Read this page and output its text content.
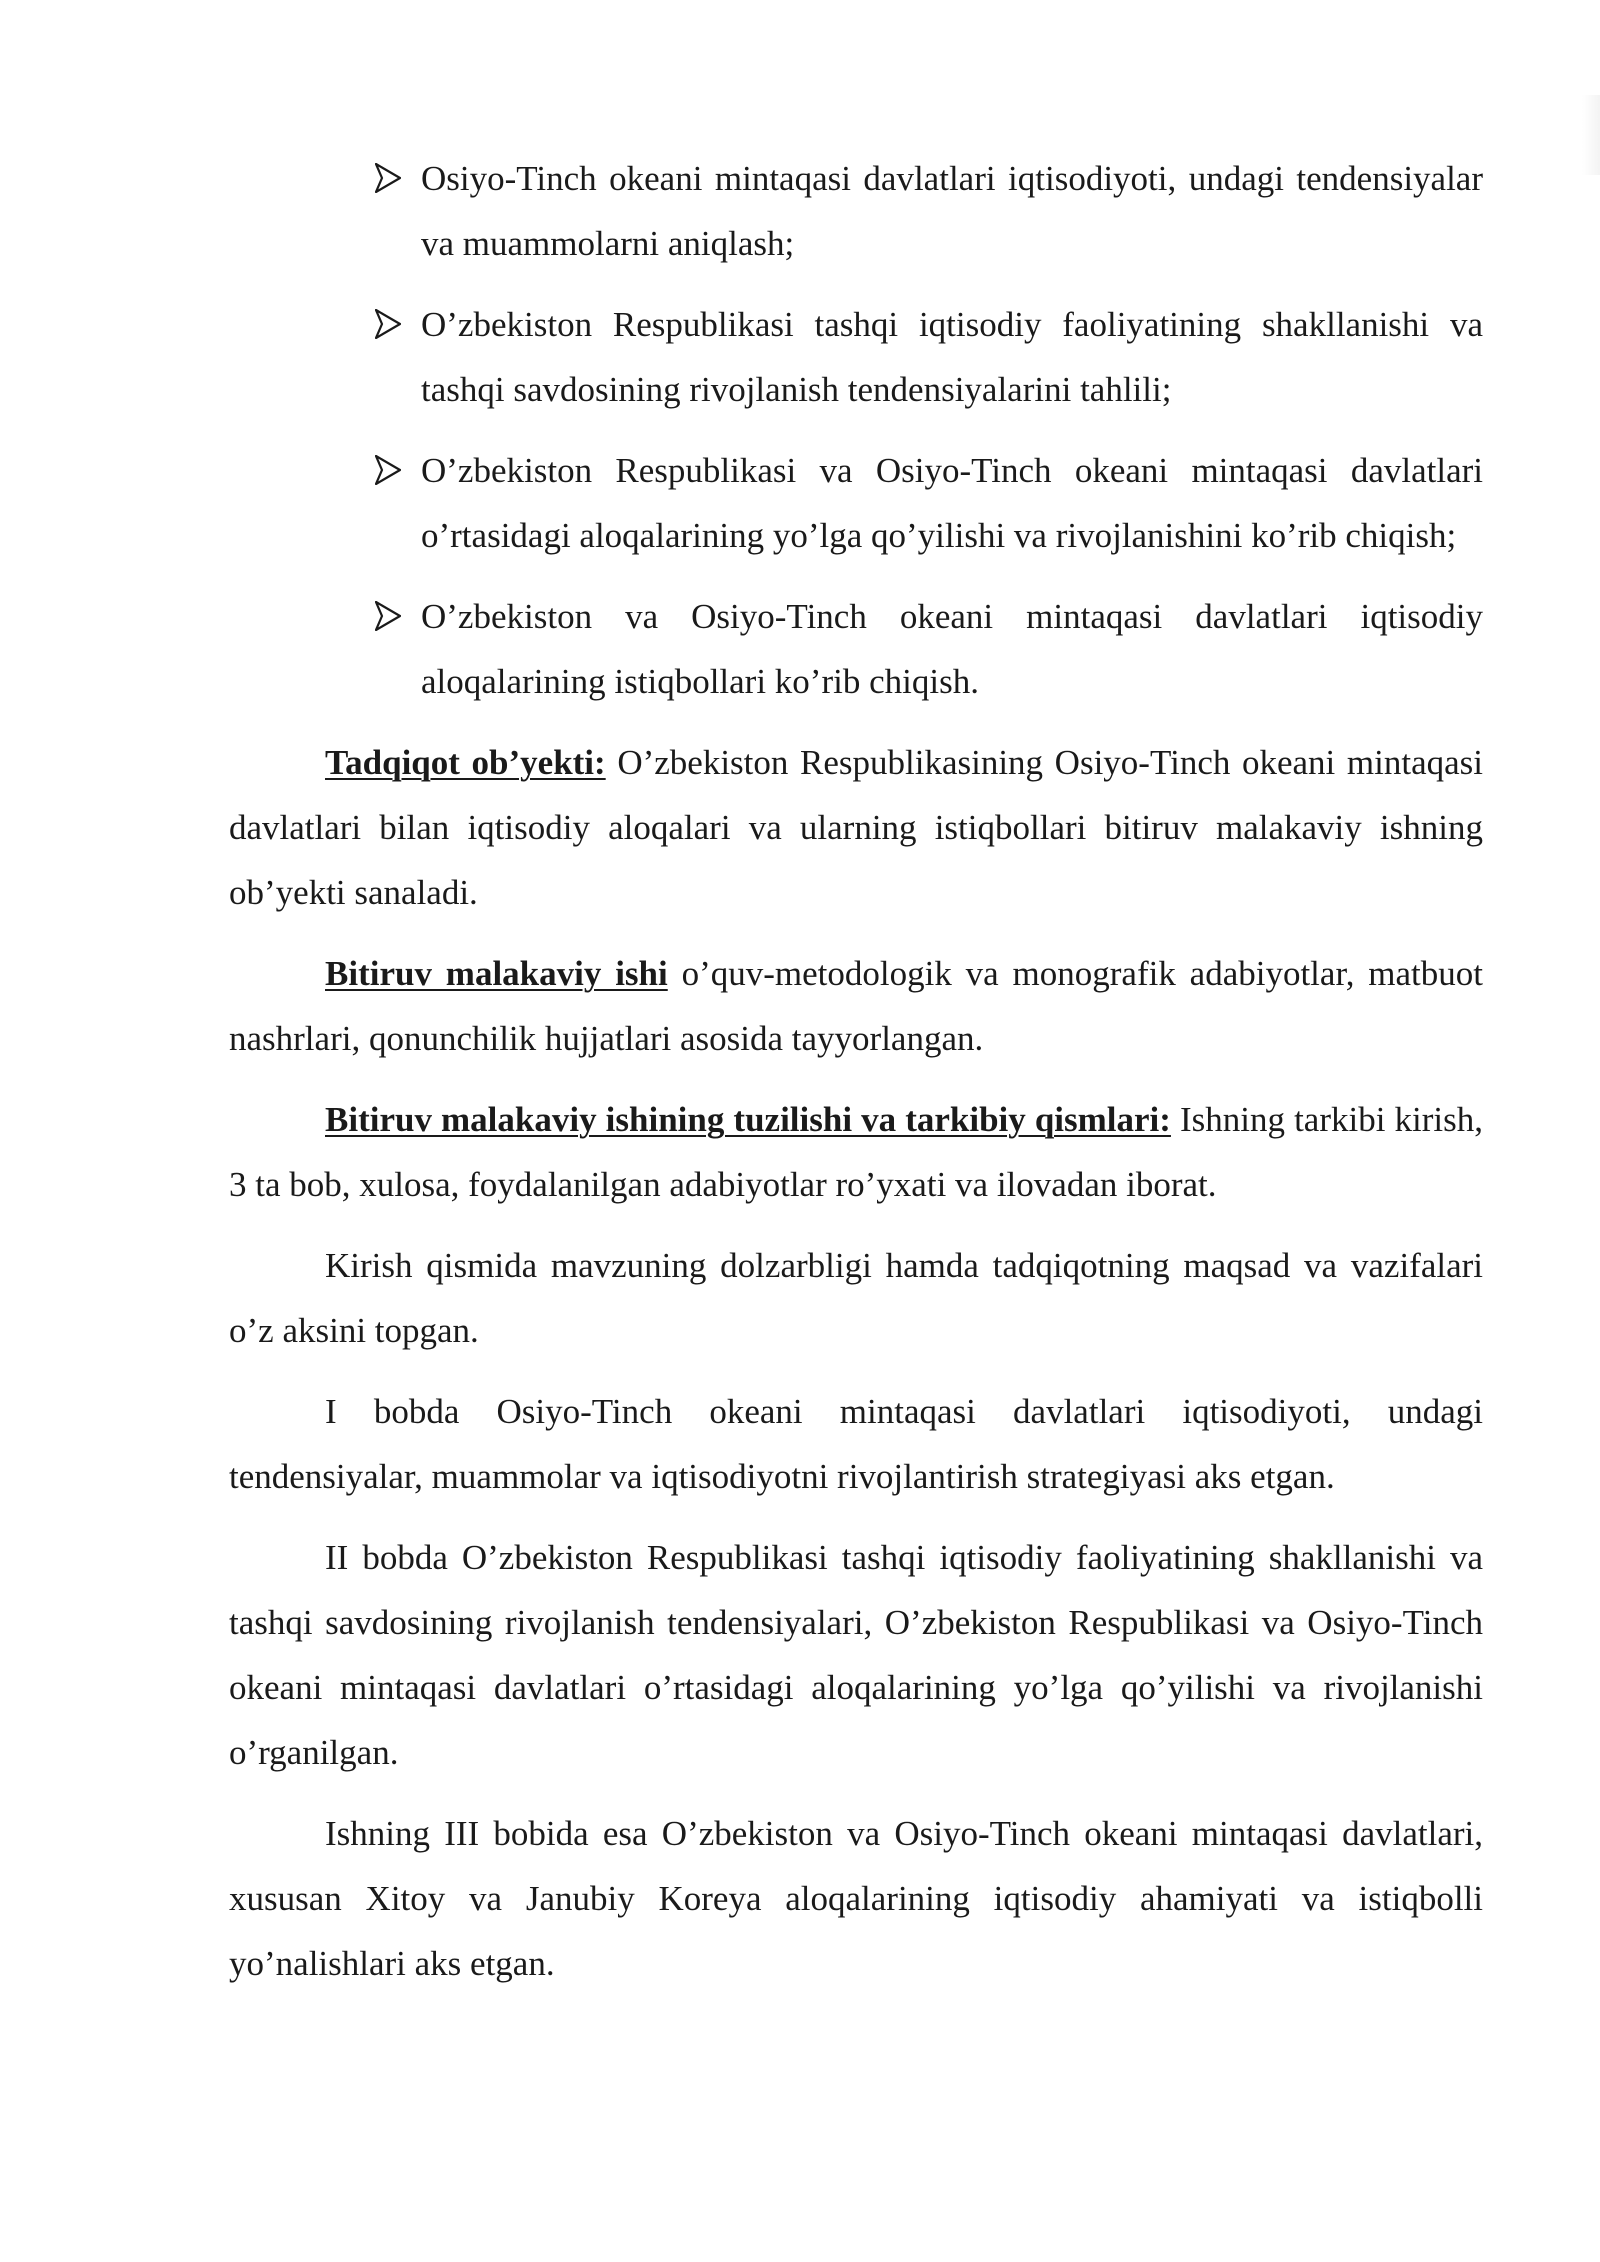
Osiyo-Tinch okeani mintaqasi davlatlari iqtisodiyoti, undagi tendensiyalar va muammolarni aniqlash;
O’zbekiston Respublikasi tashqi iqtisodiy faoliyatining shakllanishi va tashqi savdosining rivojlanish tendensiyalarini tahlili;
O’zbekiston Respublikasi va Osiyo-Tinch okeani mintaqasi davlatlari o’rtasidagi aloqalarining yo’lga qo’yilishi va rivojlanishini ko’rib chiqish;
O’zbekiston va Osiyo-Tinch okeani mintaqasi davlatlari iqtisodiy aloqalarining istiqbollari ko’rib chiqish.

Tadqiqot ob’yekti: O’zbekiston Respublikasining Osiyo-Tinch okeani mintaqasi davlatlari bilan iqtisodiy aloqalari va ularning istiqbollari bitiruv malakaviy ishning ob’yekti sanaladi.

Bitiruv malakaviy ishi o’quv-metodologik va monografik adabiyotlar, matbuot nashrlari, qonunchilik hujjatlari asosida tayyorlangan.

Bitiruv malakaviy ishining tuzilishi va tarkibiy qismlari: Ishning tarkibi kirish, 3 ta bob, xulosa, foydalanilgan adabiyotlar ro’yxati va ilovadan iborat.

Kirish qismida mavzuning dolzarbligi hamda tadqiqotning maqsad va vazifalari o’z aksini topgan.

I bobda Osiyo-Tinch okeani mintaqasi davlatlari iqtisodiyoti, undagi tendensiyalar, muammolar va iqtisodiyotni rivojlantirish strategiyasi aks etgan.

II bobda O’zbekiston Respublikasi tashqi iqtisodiy faoliyatining shakllanishi va tashqi savdosining rivojlanish tendensiyalari, O’zbekiston Respublikasi va Osiyo-Tinch okeani mintaqasi davlatlari o’rtasidagi aloqalarining yo’lga qo’yilishi va rivojlanishi o’rganilgan.

Ishning III bobida esa O’zbekiston va Osiyo-Tinch okeani mintaqasi davlatlari, xususan Xitoy va Janubiy Koreya aloqalarining iqtisodiy ahamiyati va istiqbolli yo’nalishlari aks etgan.
